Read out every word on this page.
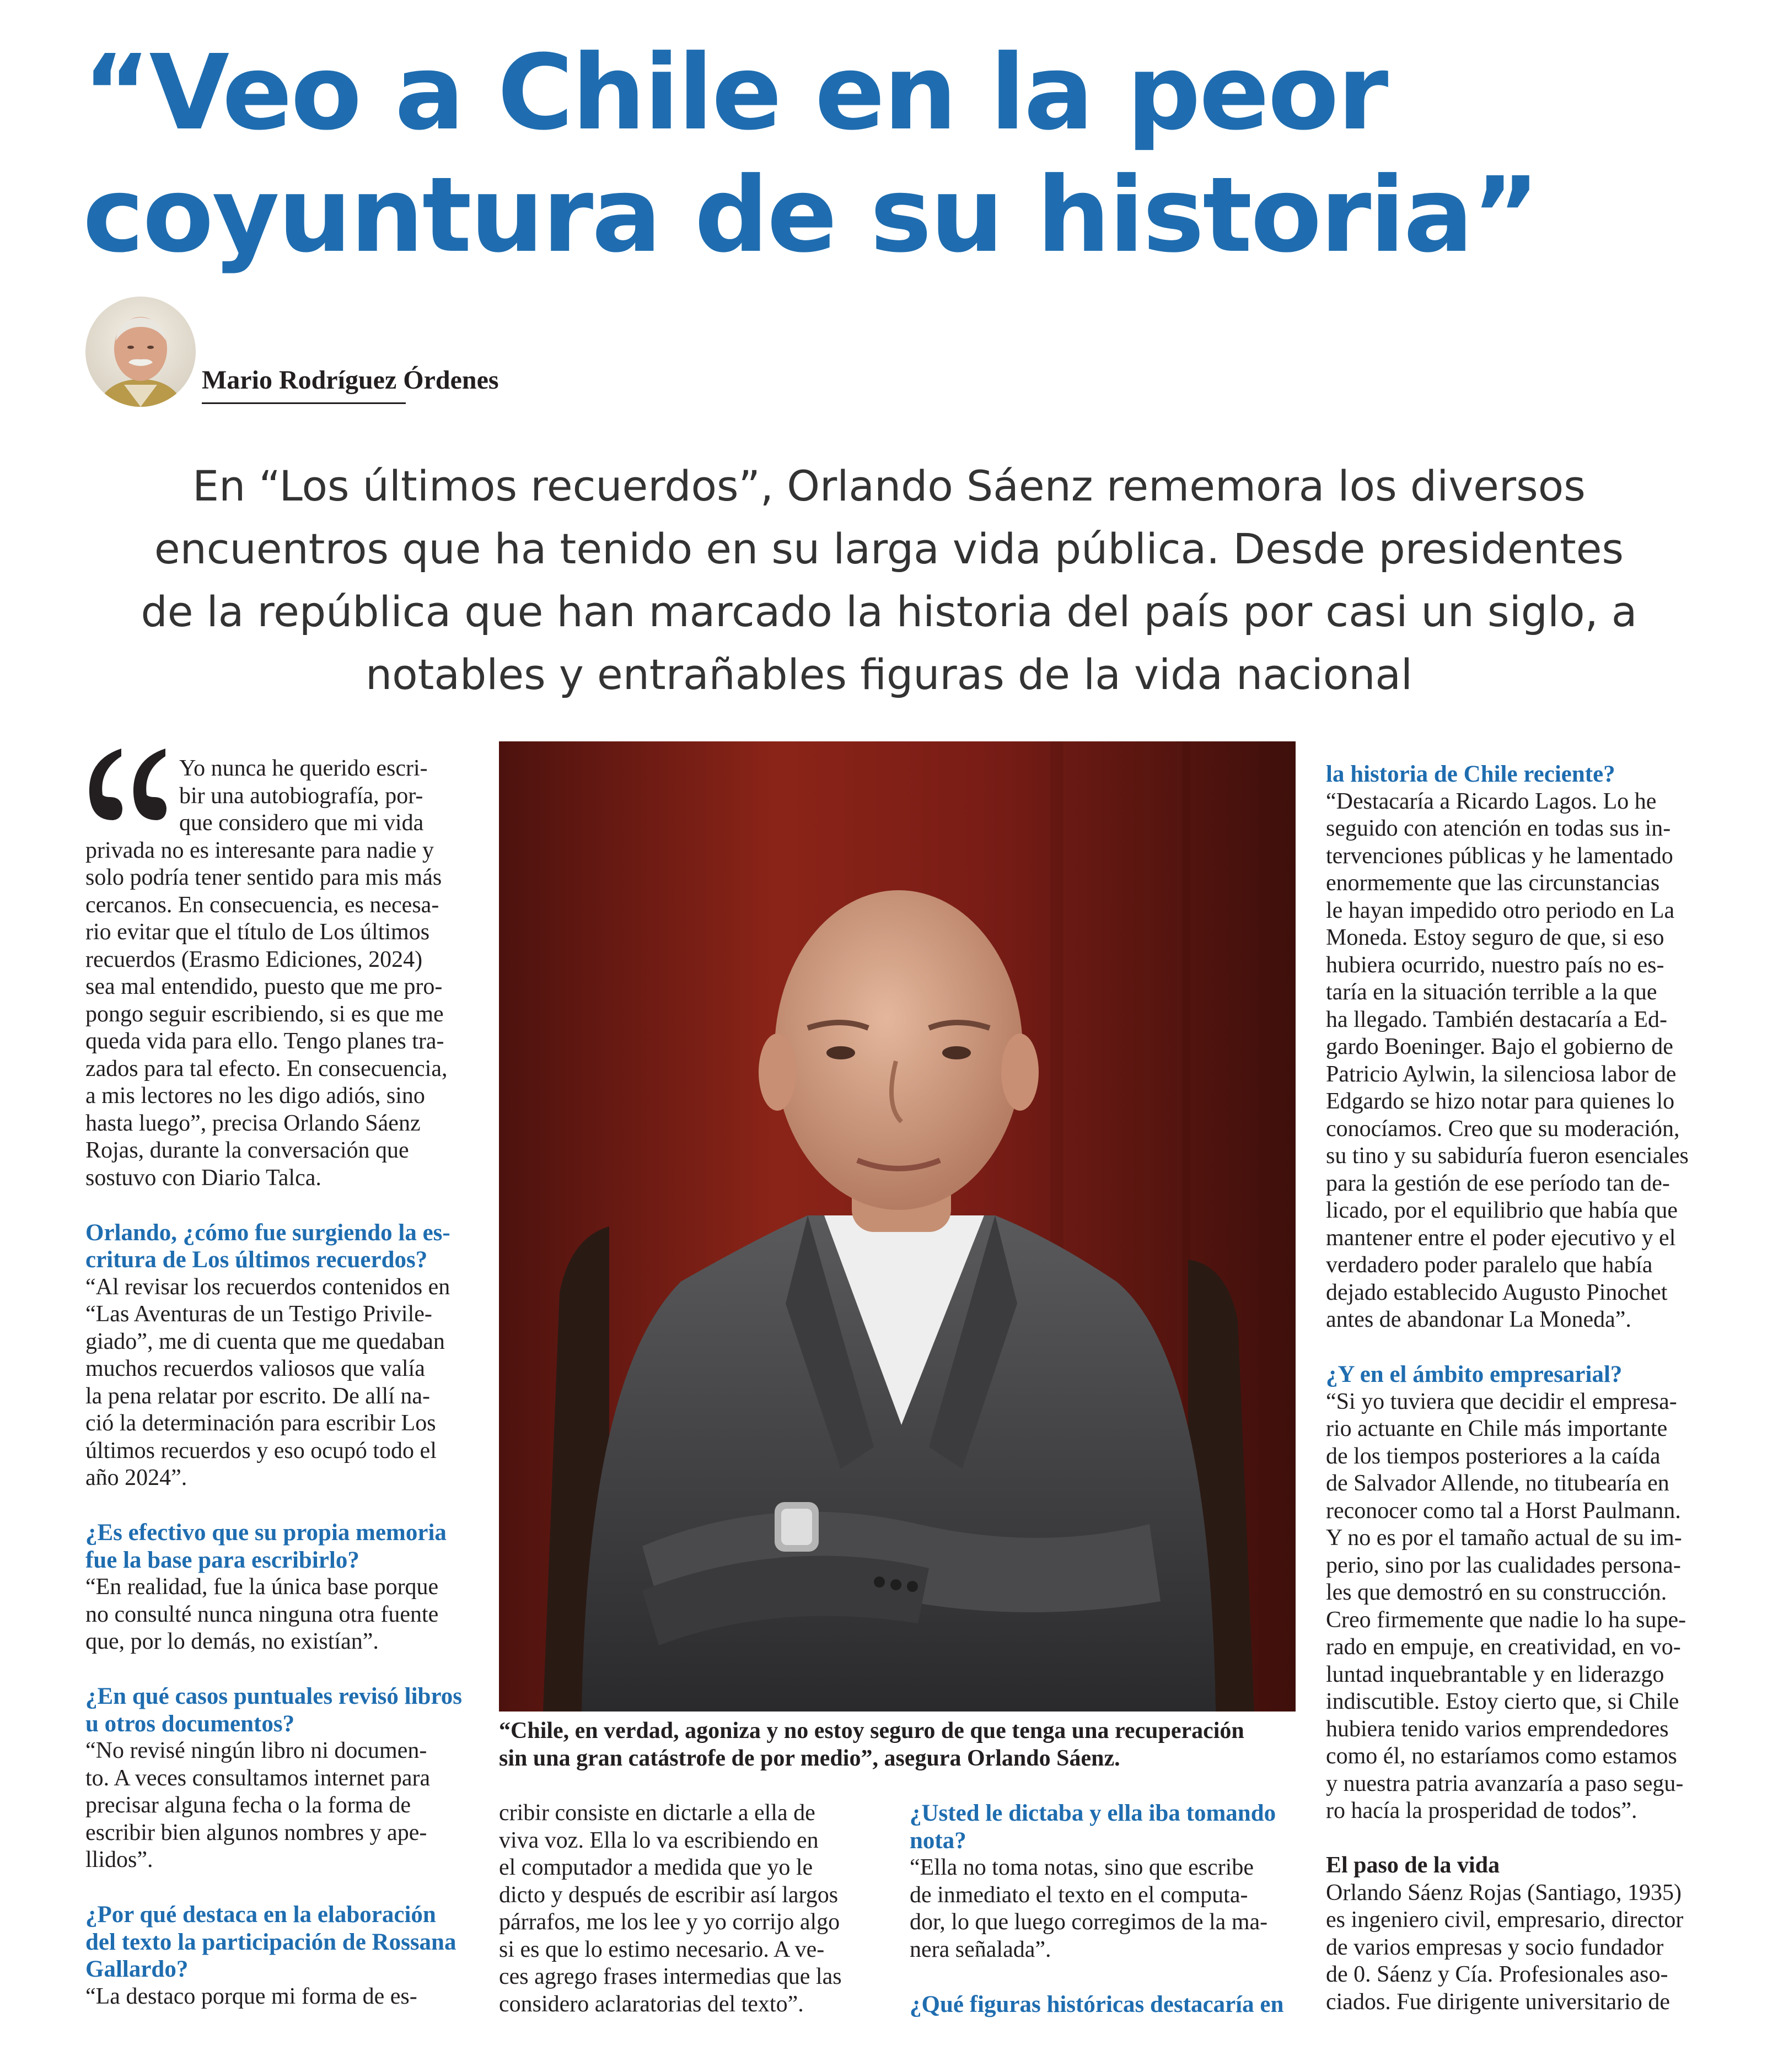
“Veo a Chile en la peor
coyuntura de su historia”

Mario Rodríguez Órdenes

En “Los últimos recuerdos”, Orlando Sáenz rememora los diversos
encuentros que ha tenido en su larga vida pública. Desde presidentes
de la república que han marcado la historia del país por casi un siglo, a
notables y entrañables figuras de la vida nacional

Yo nunca he querido escri-

bir una autobiografía, por-

que considero que mi vida

privada no es interesante para nadie y

solo podría tener sentido para mis más

cercanos. En consecuencia, es necesa-

rio evitar que el título de Los últimos

recuerdos (Erasmo Ediciones, 2024)

sea mal entendido, puesto que me pro-

pongo seguir escribiendo, si es que me

queda vida para ello. Tengo planes tra-

zados para tal efecto. En consecuencia,

a mis lectores no les digo adiós, sino

hasta luego”, precisa Orlando Sáenz

Rojas, durante la conversación que

sostuvo con Diario Talca.

Orlando, ¿cómo fue surgiendo la es-

critura de Los últimos recuerdos?

“Al revisar los recuerdos contenidos en

“Las Aventuras de un Testigo Privile-

giado”, me di cuenta que me quedaban

muchos recuerdos valiosos que valía

la pena relatar por escrito. De allí na-

ció la determinación para escribir Los

últimos recuerdos y eso ocupó todo el

año 2024”.

¿Es efectivo que su propia memoria

fue la base para escribirlo?

“En realidad, fue la única base porque

no consulté nunca ninguna otra fuente

que, por lo demás, no existían”.

¿En qué casos puntuales revisó libros

u otros documentos?

“No revisé ningún libro ni documen-

to. A veces consultamos internet para

precisar alguna fecha o la forma de

escribir bien algunos nombres y ape-

llidos”.

¿Por qué destaca en la elaboración

del texto la participación de Rossana

Gallardo?

“La destaco porque mi forma de es-

“Chile, en verdad, agoniza y no estoy seguro de que tenga una recuperación
sin una gran catástrofe de por medio”, asegura Orlando Sáenz.

cribir consiste en dictarle a ella de

viva voz. Ella lo va escribiendo en

el computador a medida que yo le

dicto y después de escribir así largos

párrafos, me los lee y yo corrijo algo

si es que lo estimo necesario. A ve-

ces agrego frases intermedias que las

considero aclaratorias del texto”.

¿Usted le dictaba y ella iba tomando

nota?

“Ella no toma notas, sino que escribe

de inmediato el texto en el computa-

dor, lo que luego corregimos de la ma-

nera señalada”.

¿Qué figuras históricas destacaría en

la historia de Chile reciente?

“Destacaría a Ricardo Lagos. Lo he

seguido con atención en todas sus in-

tervenciones públicas y he lamentado

enormemente que las circunstancias

le hayan impedido otro periodo en La

Moneda. Estoy seguro de que, si eso

hubiera ocurrido, nuestro país no es-

taría en la situación terrible a la que

ha llegado. También destacaría a Ed-

gardo Boeninger. Bajo el gobierno de

Patricio Aylwin, la silenciosa labor de

Edgardo se hizo notar para quienes lo

conocíamos. Creo que su moderación,

su tino y su sabiduría fueron esenciales

para la gestión de ese período tan de-

licado, por el equilibrio que había que

mantener entre el poder ejecutivo y el

verdadero poder paralelo que había

dejado establecido Augusto Pinochet

antes de abandonar La Moneda”.

¿Y en el ámbito empresarial?

“Si yo tuviera que decidir el empresa-

rio actuante en Chile más importante

de los tiempos posteriores a la caída

de Salvador Allende, no titubearía en

reconocer como tal a Horst Paulmann.

Y no es por el tamaño actual de su im-

perio, sino por las cualidades persona-

les que demostró en su construcción.

Creo firmemente que nadie lo ha supe-

rado en empuje, en creatividad, en vo-

luntad inquebrantable y en liderazgo

indiscutible. Estoy cierto que, si Chile

hubiera tenido varios emprendedores

como él, no estaríamos como estamos

y nuestra patria avanzaría a paso segu-

ro hacía la prosperidad de todos”.

El paso de la vida

Orlando Sáenz Rojas (Santiago, 1935)

es ingeniero civil, empresario, director

de varios empresas y socio fundador

de 0. Sáenz y Cía. Profesionales aso-

ciados. Fue dirigente universitario de
